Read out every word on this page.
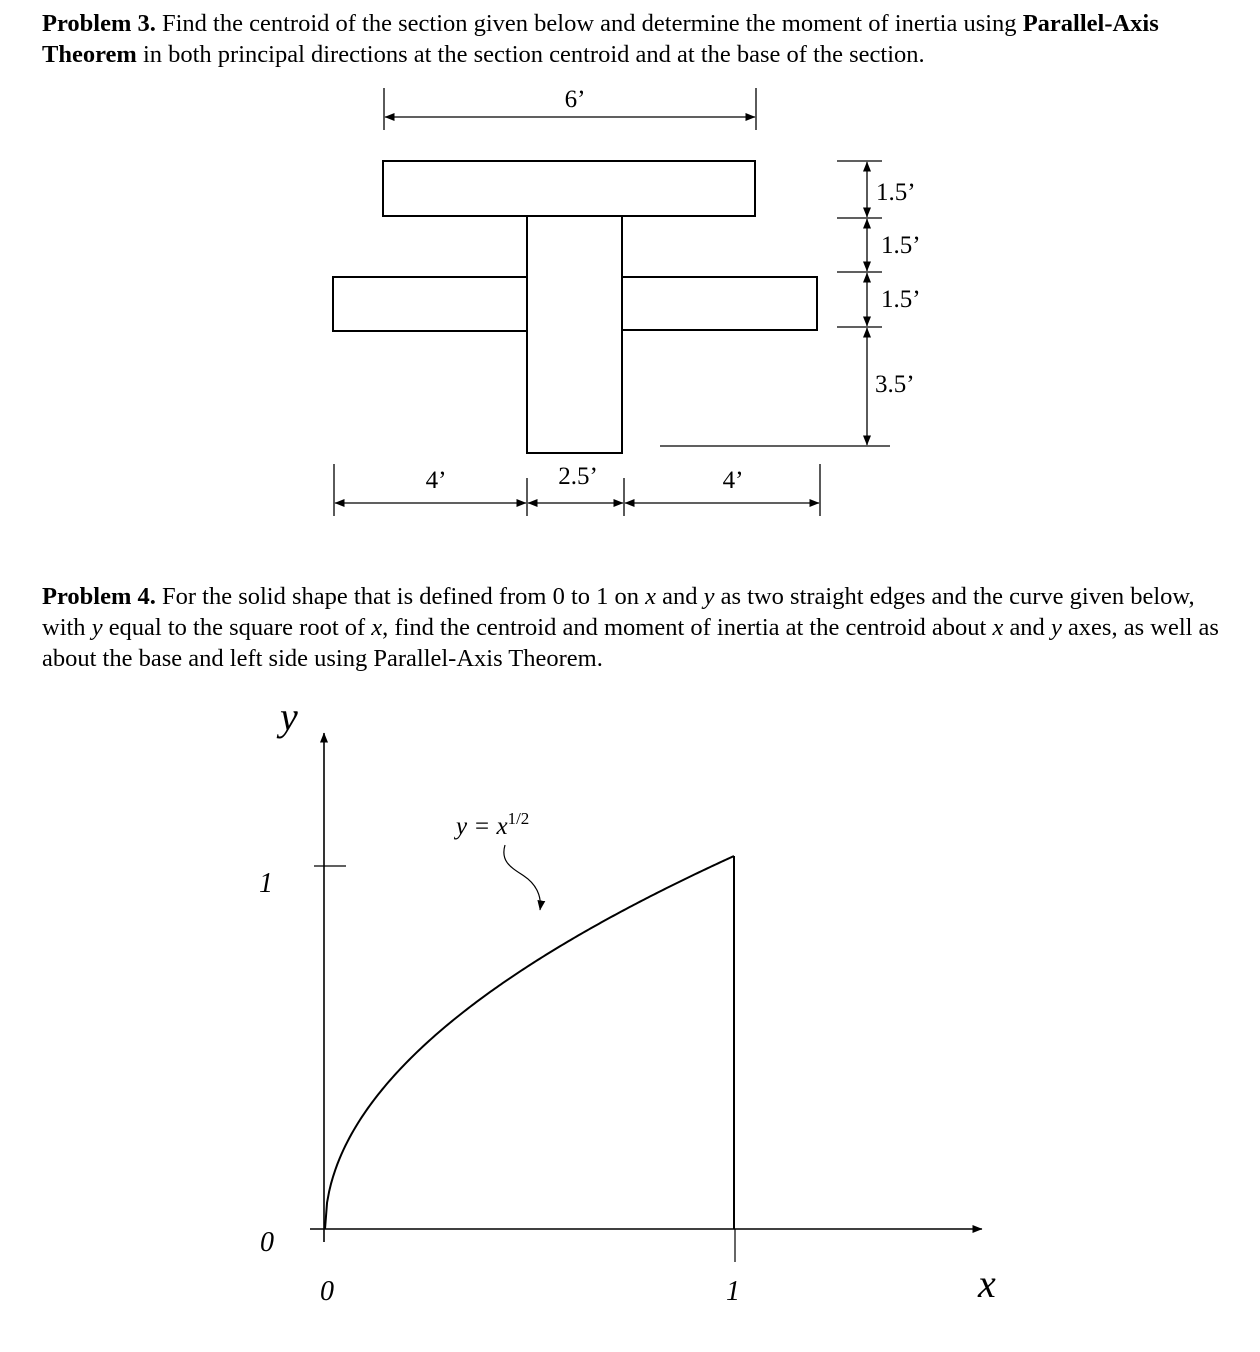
Problem 3. Find the centroid of the section given below and determine the moment of inertia using Parallel-Axis Theorem in both principal directions at the section centroid and at the base of the section.

Problem 4. For the solid shape that is defined from 0 to 1 on x and y as two straight edges and the curve given below, with y equal to the square root of x, find the centroid and moment of inertia at the centroid about x and y axes, as well as about the base and left side using Parallel-Axis Theorem.

6’
1.5’
1.5’
1.5’
3.5’
4’	2.5’	4’
y
x
$y = x^{1/2}$
1
0
0	1
